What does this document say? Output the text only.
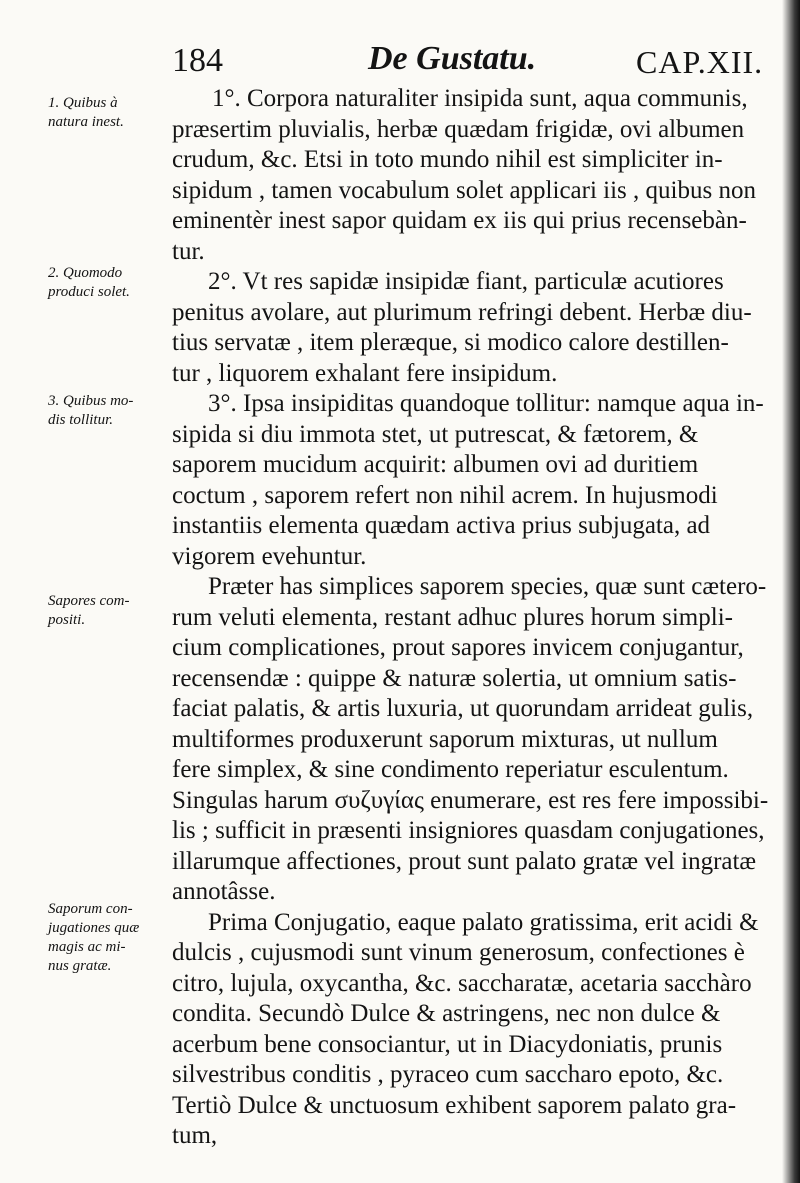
184	De Gustatu.	CAP.XII.
1. Quibus à
natura inest.
2. Quomodo
produci solet.
3. Quibus mo-
dis tollitur.
Sapores com-
positi.
Saporum con-
jugationes quæ
magis ac mi-
nus gratæ.
1°. Corpora naturaliter insipida sunt, aqua communis,
præsertim pluvialis, herbæ quædam frigidæ, ovi albumen
crudum, &c. Etsi in toto mundo nihil est simpliciter in-
sipidum , tamen vocabulum solet applicari iis , quibus non
eminentèr inest sapor quidam ex iis qui prius recensebàn-
tur.
2°. Vt res sapidæ insipidæ fiant, particulæ acutiores
penitus avolare, aut plurimum refringi debent. Herbæ diu-
tius servatæ , item pleræque, si modico calore destillen-
tur , liquorem exhalant fere insipidum.
3°. Ipsa insipiditas quandoque tollitur: namque aqua in-
sipida si diu immota stet, ut putrescat, & fætorem, &
saporem mucidum acquirit: albumen ovi ad duritiem
coctum , saporem refert non nihil acrem. In hujusmodi
instantiis elementa quædam activa prius subjugata, ad
vigorem evehuntur.
Præter has simplices saporem species, quæ sunt cætero-
rum veluti elementa, restant adhuc plures horum simpli-
cium complicationes, prout sapores invicem conjugantur,
recensendæ : quippe & naturæ solertia, ut omnium satis-
faciat palatis, & artis luxuria, ut quorundam arrideat gulis,
multiformes produxerunt saporum mixturas, ut nullum
fere simplex, & sine condimento reperiatur esculentum.
Singulas harum συζυγίας enumerare, est res fere impossibi-
lis ; sufficit in præsenti insigniores quasdam conjugationes,
illarumque affectiones, prout sunt palato gratæ vel ingratæ
annotâsse.
Prima Conjugatio, eaque palato gratissima, erit acidi &
dulcis , cujusmodi sunt vinum generosum, confectiones è
citro, lujula, oxycantha, &c. saccharatæ, acetaria sacchàro
condita. Secundò Dulce & astringens, nec non dulce &
acerbum bene consociantur, ut in Diacydoniatis, prunis
silvestribus conditis , pyraceo cum saccharo epoto, &c.
Tertiò Dulce & unctuosum exhibent saporem palato gra-
tum,
